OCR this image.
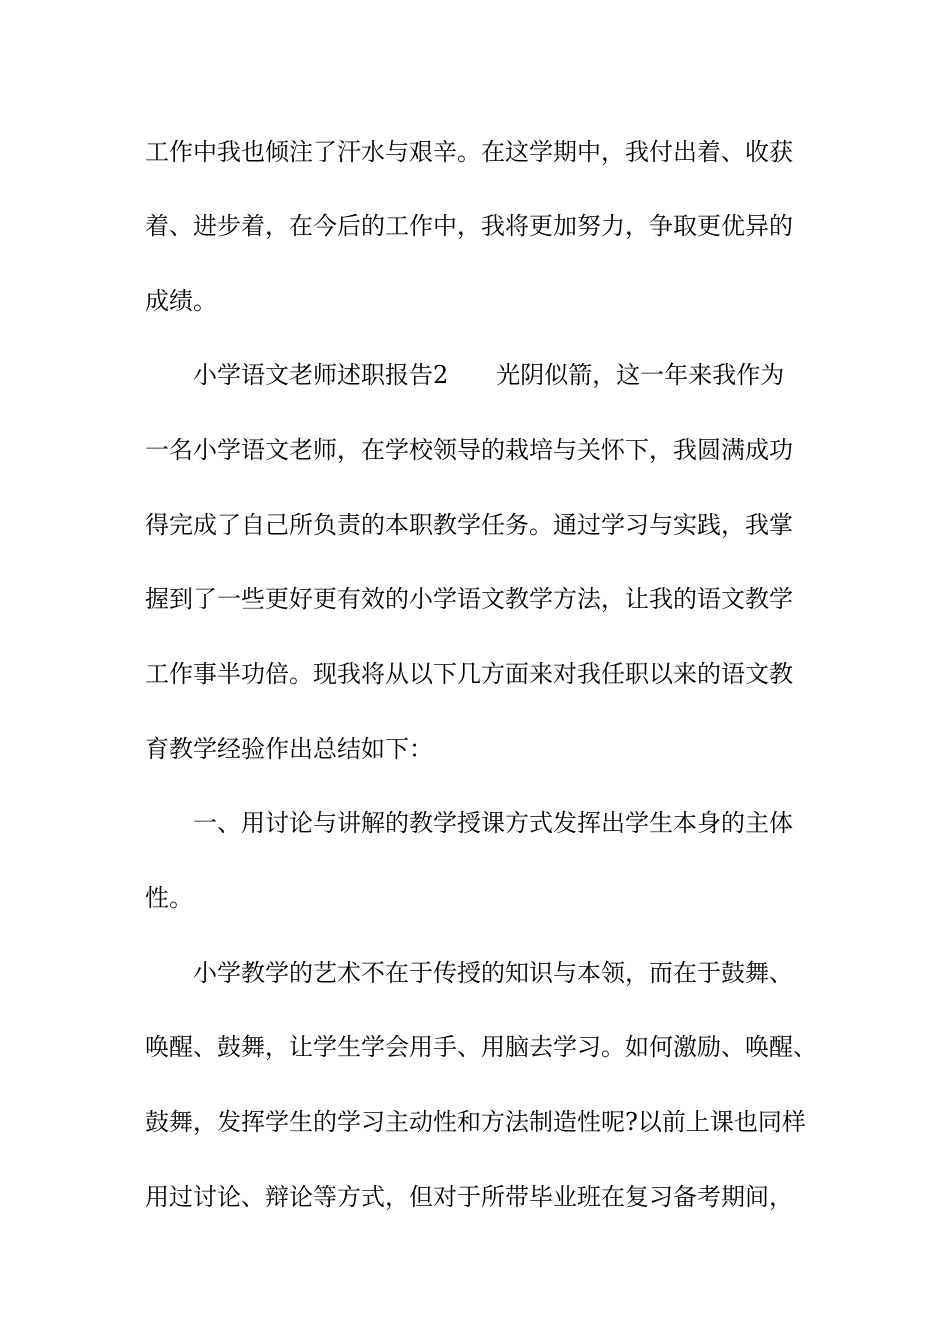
工作中我也倾注了汗水与艰辛。在这学期中，我付出着、收获
着、进步着，在今后的工作中，我将更加努力，争取更优异的
成绩。
小学语文老师述职报告2　　光阴似箭，这一年来我作为
一名小学语文老师，在学校领导的栽培与关怀下，我圆满成功
得完成了自己所负责的本职教学任务。通过学习与实践，我掌
握到了一些更好更有效的小学语文教学方法，让我的语文教学
工作事半功倍。现我将从以下几方面来对我任职以来的语文教
育教学经验作出总结如下：
一、用讨论与讲解的教学授课方式发挥出学生本身的主体
性。
小学教学的艺术不在于传授的知识与本领，而在于鼓舞、
唤醒、鼓舞，让学生学会用手、用脑去学习。如何激励、唤醒、
鼓舞，发挥学生的学习主动性和方法制造性呢?以前上课也同样
用过讨论、辩论等方式，但对于所带毕业班在复习备考期间，
